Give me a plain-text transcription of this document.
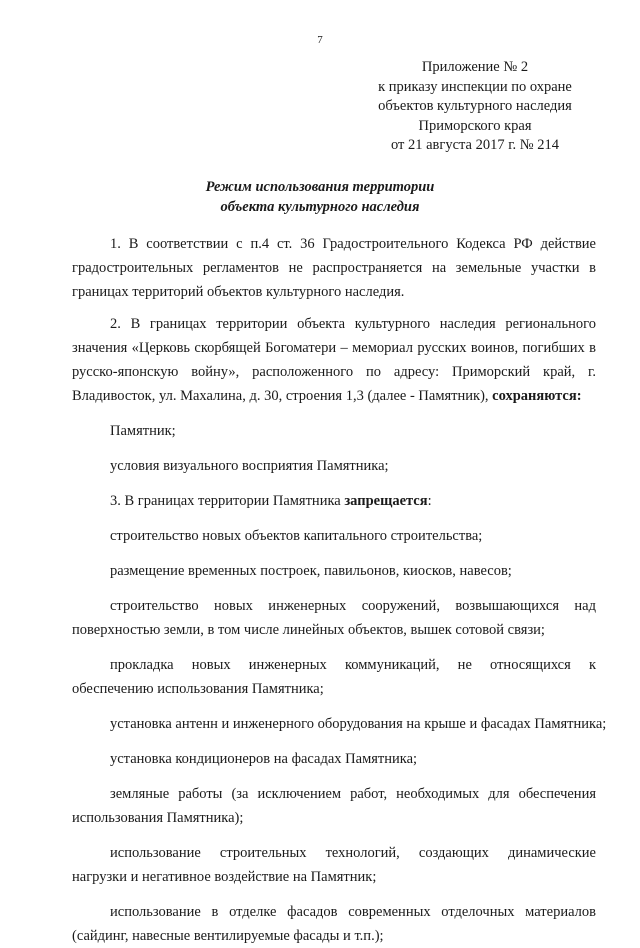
7
Приложение № 2
к приказу инспекции по охране
объектов культурного наследия
Приморского края
от 21 августа 2017 г. № 214
Режим использования территории
объекта культурного наследия

1. В соответствии с п.4 ст. 36 Градостроительного Кодекса РФ действие градостроительных регламентов не распространяется на земельные участки в границах территорий объектов культурного наследия.

2. В границах территории объекта культурного наследия регионального значения «Церковь скорбящей Богоматери – мемориал русских воинов, погибших в русско-японскую войну», расположенного по адресу: Приморский край, г. Владивосток, ул. Махалина, д. 30, строения 1,3 (далее - Памятник), сохраняются:

Памятник;
условия визуального восприятия Памятника;
3. В границах территории Памятника запрещается:
строительство новых объектов капитального строительства;
размещение временных построек, павильонов, киосков, навесов;
строительство новых инженерных сооружений, возвышающихся над
поверхностью земли, в том числе линейных объектов, вышек сотовой связи;
прокладка новых инженерных коммуникаций, не относящихся к
обеспечению использования Памятника;
установка антенн и инженерного оборудования на крыше и фасадах Памятника;
установка кондиционеров на фасадах Памятника;
земляные работы (за исключением работ, необходимых для обеспечения
использования Памятника);
использование строительных технологий, создающих динамические
нагрузки и негативное воздействие на Памятник;
использование в отделке фасадов современных отделочных материалов
(сайдинг, навесные вентилируемые фасады и т.п.);
